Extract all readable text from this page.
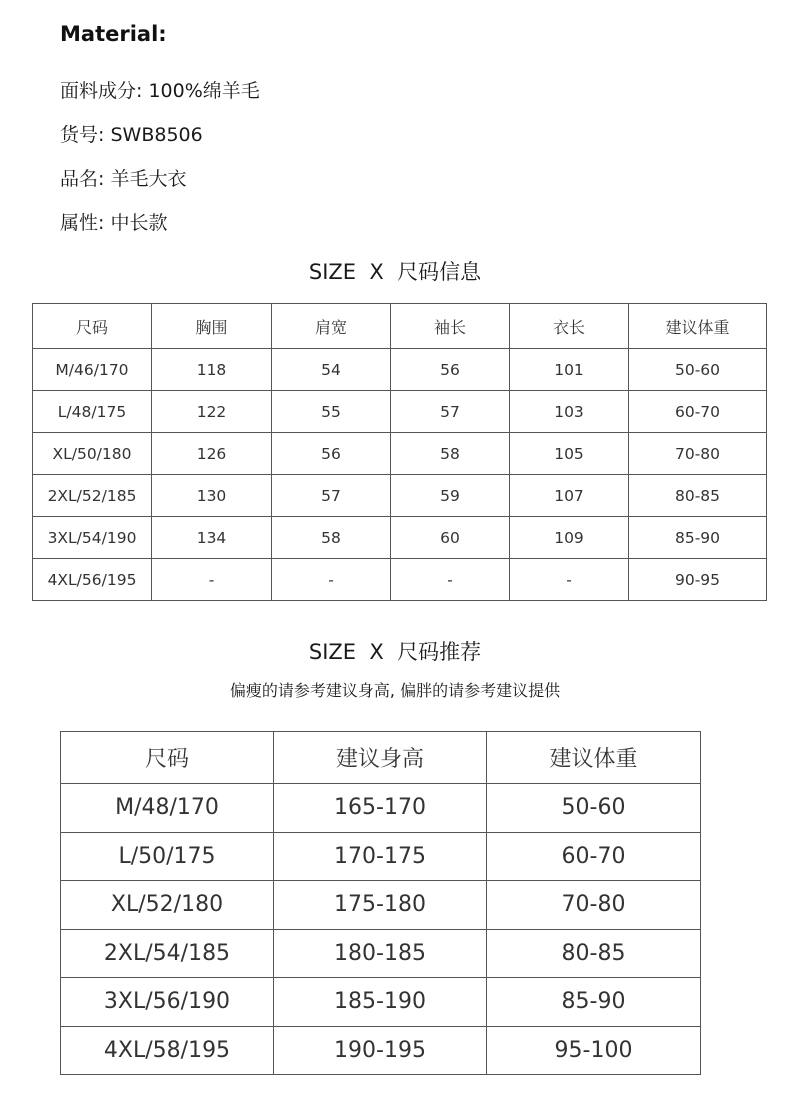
Material:
面料成分: 100%绵羊毛
货号: SWB8506
品名: 羊毛大衣
属性: 中长款
SIZE  X  尺码信息
尺码	胸围	肩宽	袖长	衣长	建议体重
M/46/170	118	54	56	101	50-60
L/48/175	122	55	57	103	60-70
XL/50/180	126	56	58	105	70-80
2XL/52/185	130	57	59	107	80-85
3XL/54/190	134	58	60	109	85-90
4XL/56/195	-	-	-	-	90-95
SIZE  X  尺码推荐
偏瘦的请参考建议身高, 偏胖的请参考建议提供
尺码	建议身高	建议体重
M/48/170	165-170	50-60
L/50/175	170-175	60-70
XL/52/180	175-180	70-80
2XL/54/185	180-185	80-85
3XL/56/190	185-190	85-90
4XL/58/195	190-195	95-100
